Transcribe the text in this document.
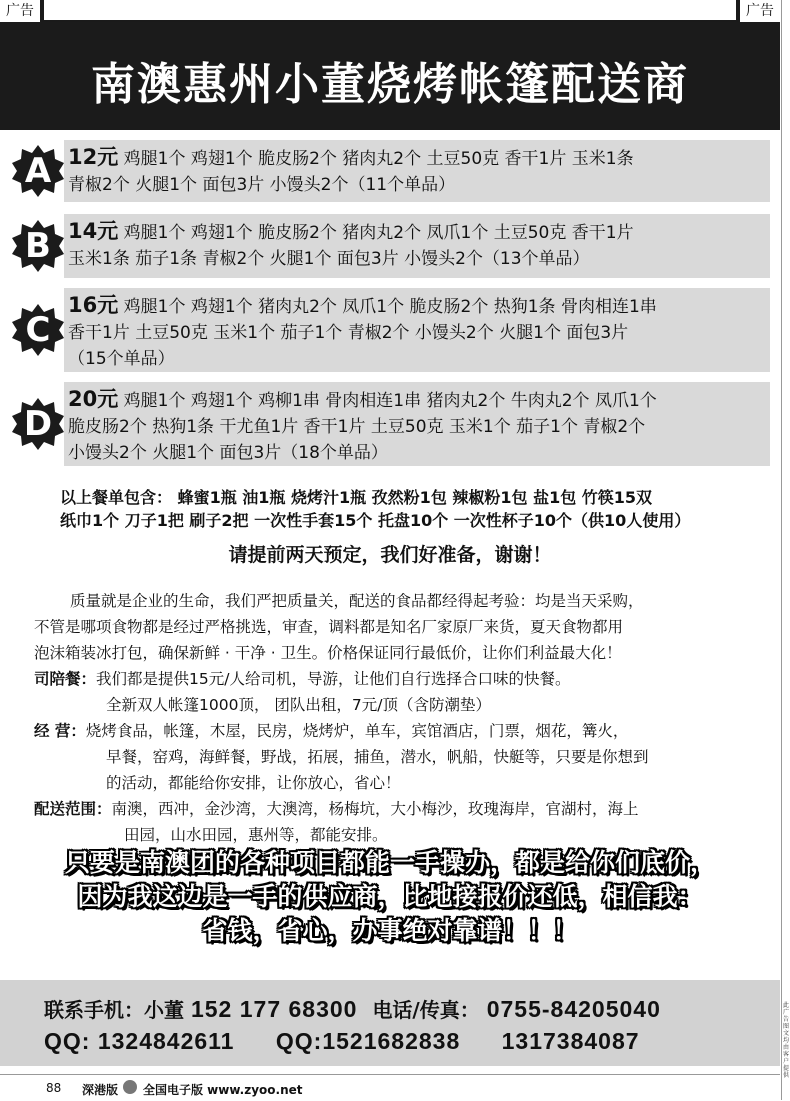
广告	广告
南澳惠州小董烧烤帐篷配送商
A 12元 鸡腿1个 鸡翅1个 脆皮肠2个 猪肉丸2个 土豆50克 香干1片 玉米1条
青椒2个 火腿1个 面包3片 小馒头2个（11个单品）
B 14元 鸡腿1个 鸡翅1个 脆皮肠2个 猪肉丸2个 凤爪1个 土豆50克 香干1片
玉米1条 茄子1条 青椒2个 火腿1个 面包3片 小馒头2个（13个单品）
C
16元 鸡腿1个 鸡翅1个 猪肉丸2个 凤爪1个 脆皮肠2个 热狗1条 骨肉相连1串
香干1片 土豆50克 玉米1个 茄子1个 青椒2个 小馒头2个 火腿1个 面包3片
（15个单品）
D
20元 鸡腿1个 鸡翅1个 鸡柳1串 骨肉相连1串 猪肉丸2个 牛肉丸2个 凤爪1个
脆皮肠2个 热狗1条 干尤鱼1片 香干1片 土豆50克 玉米1个 茄子1个 青椒2个
小馒头2个 火腿1个 面包3片（18个单品）
以上餐单包含： 蜂蜜1瓶 油1瓶 烧烤汁1瓶 孜然粉1包 辣椒粉1包 盐1包 竹筷15双
纸巾1个 刀子1把 刷子2把 一次性手套15个 托盘10个 一次性杯子10个（供10人使用）
请提前两天预定，我们好准备，谢谢！

质量就是企业的生命，我们严把质量关，配送的食品都经得起考验：均是当天采购，

不管是哪项食物都是经过严格挑选，审查，调料都是知名厂家原厂来货，夏天食物都用

泡沫箱装冰打包，确保新鲜 · 干净 · 卫生。价格保证同行最低价，让你们利益最大化！

司陪餐：我们都是提供15元/人给司机，导游，让他们自行选择合口味的快餐。

全新双人帐篷1000顶， 团队出租，7元/顶（含防潮垫）

经 营：烧烤食品，帐篷，木屋，民房，烧烤炉，单车，宾馆酒店，门票，烟花，篝火，

早餐，窑鸡，海鲜餐，野战，拓展，捕鱼，潜水，帆船，快艇等，只要是你想到

的活动，都能给你安排，让你放心，省心！

配送范围：南澳，西冲，金沙湾，大澳湾，杨梅坑，大小梅沙，玫瑰海岸，官湖村，海上

田园，山水田园，惠州等，都能安排。

只要是南澳团的各种项目都能一手操办，都是给你们底价，
因为我这边是一手的供应商，比地接报价还低，相信我：
省钱，省心，办事绝对靠谱！！！
联系手机：小董 152 177 68300 电话/传真： 0755-84205040
QQ: 1324842611 QQ:1521682838 1317384087
88 深港版 全国电子版 www.zyoo.net
此广告图文均由客户提供
